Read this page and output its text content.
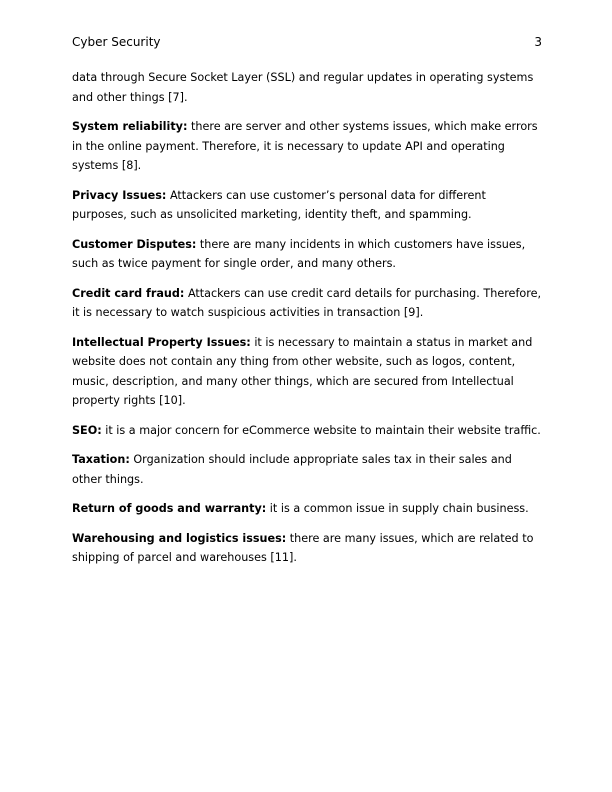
Cyber Security	3

data through Secure Socket Layer (SSL) and regular updates in operating systems and other things [7].

System reliability: there are server and other systems issues, which make errors in the online payment. Therefore, it is necessary to update API and operating systems [8].

Privacy Issues: Attackers can use customer’s personal data for different purposes, such as unsolicited marketing, identity theft, and spamming.

Customer Disputes: there are many incidents in which customers have issues, such as twice payment for single order, and many others.

Credit card fraud: Attackers can use credit card details for purchasing. Therefore, it is necessary to watch suspicious activities in transaction [9].

Intellectual Property Issues: it is necessary to maintain a status in market and website does not contain any thing from other website, such as logos, content, music, description, and many other things, which are secured from Intellectual property rights [10].

SEO: it is a major concern for eCommerce website to maintain their website traffic.

Taxation: Organization should include appropriate sales tax in their sales and other things.

Return of goods and warranty: it is a common issue in supply chain business.

Warehousing and logistics issues: there are many issues, which are related to shipping of parcel and warehouses [11].
